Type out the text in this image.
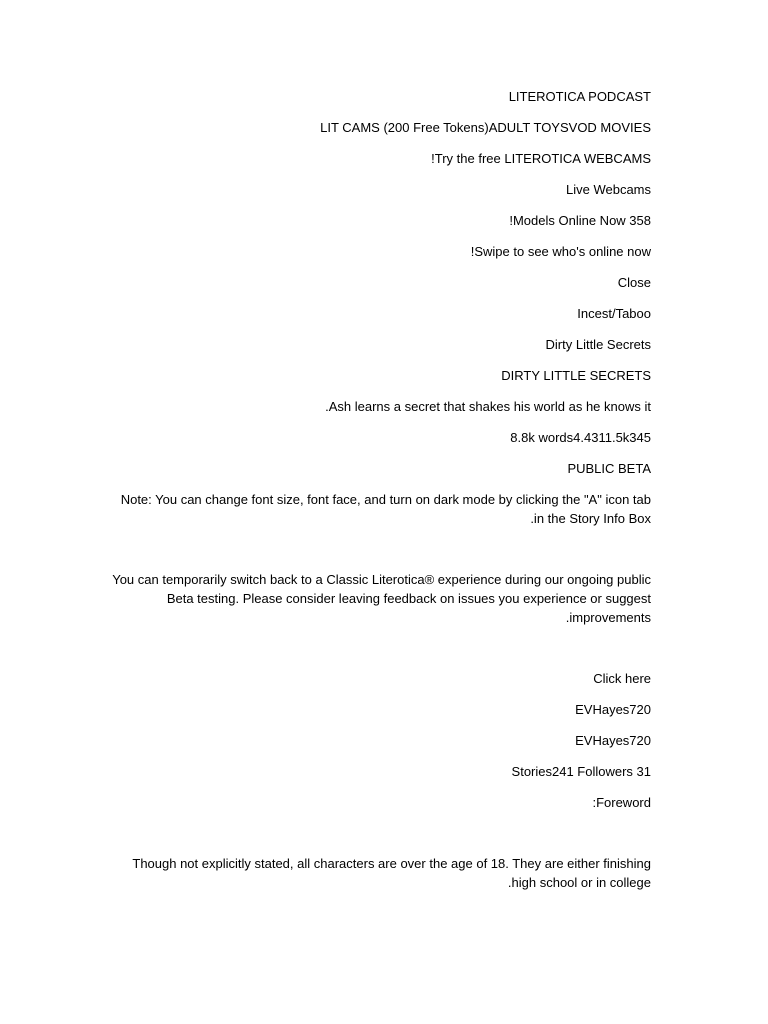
LITEROTICA PODCAST

LIT CAMS (200 Free Tokens)ADULT TOYSVOD MOVIES

!Try the free LITEROTICA WEBCAMS

Live Webcams

!Models Online Now 358

!Swipe to see who's online now

Close

Incest/Taboo

Dirty Little Secrets

DIRTY LITTLE SECRETS

.Ash learns a secret that shakes his world as he knows it

8.8k words4.4311.5k345

PUBLIC BETA

Note: You can change font size, font face, and turn on dark mode by clicking the "A" icon tab

.in the Story Info Box

You can temporarily switch back to a Classic Literotica® experience during our ongoing public

Beta testing. Please consider leaving feedback on issues you experience or suggest

.improvements

Click here

EVHayes720

EVHayes720

Stories241 Followers 31

:Foreword

Though not explicitly stated, all characters are over the age of 18. They are either finishing

.high school or in college
